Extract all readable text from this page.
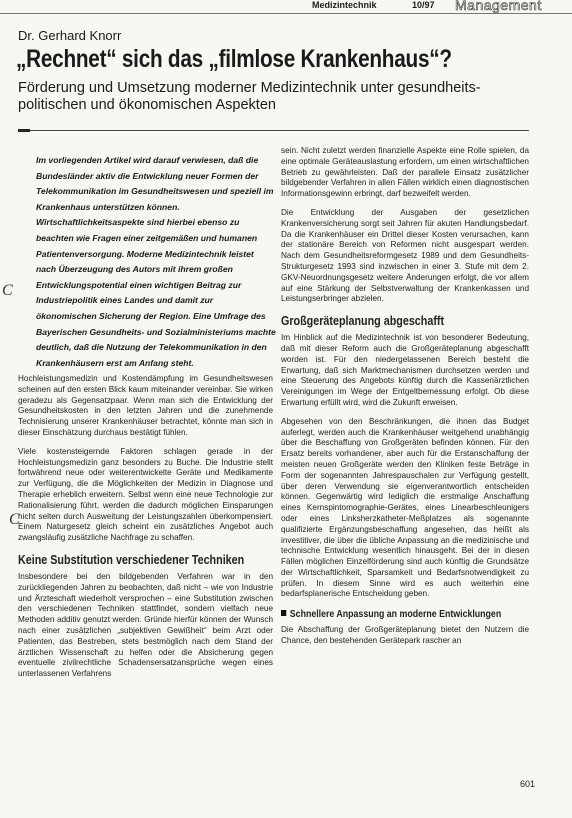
Medizintechnik	10/97 Management
Dr. Gerhard Knorr
„Rechnet“ sich das „filmlose Krankenhaus“?
Förderung und Umsetzung moderner Medizintechnik unter gesundheits-politischen und ökonomischen Aspekten
Im vorliegenden Artikel wird darauf verwiesen, daß die Bundesländer aktiv die Entwicklung neuer Formen der Telekommunikation im Gesundheitswesen und speziell im Krankenhaus unterstützen können. Wirtschaftlichkeitsaspekte sind hierbei ebenso zu beachten wie Fragen einer zeitgemäßen und humanen Patientenversorgung. Moderne Medizintechnik leistet nach Überzeugung des Autors mit ihrem großen Entwicklungspotential einen wichtigen Beitrag zur Industriepolitik eines Landes und damit zur ökonomischen Sicherung der Region. Eine Umfrage des Bayerischen Gesundheits- und Sozialministeriums machte deutlich, daß die Nutzung der Telekommunikation in den Krankenhäusern erst am Anfang steht.
C
C

Hochleistungsmedizin und Kostendämpfung im Gesundheitswesen scheinen auf den ersten Blick kaum miteinander vereinbar. Sie wirken geradezu als Gegensatzpaar. Wenn man sich die Entwicklung der Gesundheitskosten in den letzten Jahren und die zunehmende Technisierung unserer Krankenhäuser betrachtet, könnte man sich in dieser Einschätzung durchaus bestätigt fühlen.

Viele kostensteigernde Faktoren schlagen gerade in der Hochleistungsmedizin ganz besonders zu Buche. Die Industrie stellt fortwährend neue oder weiterentwickelte Geräte und Medikamente zur Verfügung, die die Möglichkeiten der Medizin in Diagnose und Therapie erheblich erweitern. Selbst wenn eine neue Technologie zur Rationalisierung führt, werden die dadurch möglichen Einsparungen nicht selten durch Ausweitung der Leistungszahlen überkompensiert. Einem Naturgesetz gleich scheint ein zusätzliches Angebot auch zwangsläufig zusätzliche Nachfrage zu schaffen.

Keine Substitution verschiedener Techniken

Insbesondere bei den bildgebenden Verfahren war in den zurückliegenden Jahren zu beobachten, daß nicht – wie von Industrie und Ärzteschaft wiederholt versprochen – eine Substitution zwischen den verschiedenen Techniken stattfindet, sondern vielfach neue Methoden additiv genutzt werden. Gründe hierfür können der Wunsch nach einer zusätzlichen „subjektiven Gewißheit“ beim Arzt oder Patienten, das Bestreben, stets bestmöglich nach dem Stand der ärztlichen Wissenschaft zu helfen oder die Absicherung gegen eventuelle zivilrechtliche Schadensersatzansprüche wegen eines unterlassenen Verfahrens

sein. Nicht zuletzt werden finanzielle Aspekte eine Rolle spielen, da eine optimale Geräteauslastung erfordern, um einen wirtschaftlichen Betrieb zu gewährleisten. Daß der parallele Einsatz zusätzlicher bildgebender Verfahren in allen Fällen wirklich einen diagnostischen Informationsgewinn erbringt, darf bezweifelt werden.

Die Entwicklung der Ausgaben der gesetzlichen Krankenversicherung sorgt seit Jahren für akuten Handlungsbedarf. Da die Krankenhäuser ein Drittel dieser Kosten verursachen, kann der stationäre Bereich von Reformen nicht ausgespart werden. Nach dem Gesundheitsreformgesetz 1989 und dem Gesundheits-Strukturgesetz 1993 sind inzwischen in einer 3. Stufe mit dem 2. GKV-Neuordnungsgesetz weitere Änderungen erfolgt, die vor allem auf eine Stärkung der Selbstverwaltung der Krankenkassen und Leistungserbringer abzielen.

Großgeräteplanung abgeschafft

Im Hinblick auf die Medizintechnik ist von besonderer Bedeutung, daß mit dieser Reform auch die Großgeräteplanung abgeschafft worden ist. Für den niedergelassenen Bereich besteht die Erwartung, daß sich Marktmechanismen durchsetzen werden und eine Steuerung des Angebots künftig durch die Kassenärztlichen Vereinigungen im Wege der Entgeltbemessung erfolgt. Ob diese Erwartung erfüllt wird, wird die Zukunft erweisen.

Abgesehen von den Beschränkungen, die ihnen das Budget auferlegt, werden auch die Krankenhäuser weitgehend unabhängig über die Beschaffung von Großgeräten befinden können. Für den Ersatz bereits vorhandener, aber auch für die Erstanschaffung der meisten neuen Großgeräte werden den Kliniken feste Beträge in Form der sogenannten Jahrespauschalen zur Verfügung gestellt, über deren Verwendung sie eigenverantwortlich entscheiden können. Gegenwärtig wird lediglich die erstmalige Anschaffung eines Kernspintomographie-Gerätes, eines Linearbeschleunigers oder eines Linksherzkatheter-Meßplatzes als sogenannte qualifizierte Ergänzungsbeschaffung angesehen, das heißt als investitiver, die über die übliche Anpassung an die medizinische und technische Entwicklung wesentlich hinausgeht. Bei der in diesen Fällen möglichen Einzelförderung sind auch künftig die Grundsätze der Wirtschaftlichkeit, Sparsamkeit und Bedarfsnotwendigkeit zu prüfen. In diesem Sinne wird es auch weiterhin eine bedarfsplanerische Entscheidung geben.

Schnellere Anpassung an moderne Entwicklungen

Die Abschaffung der Großgeräteplanung bietet den Nutzern die Chance, den bestehenden Gerätepark rascher an

601
